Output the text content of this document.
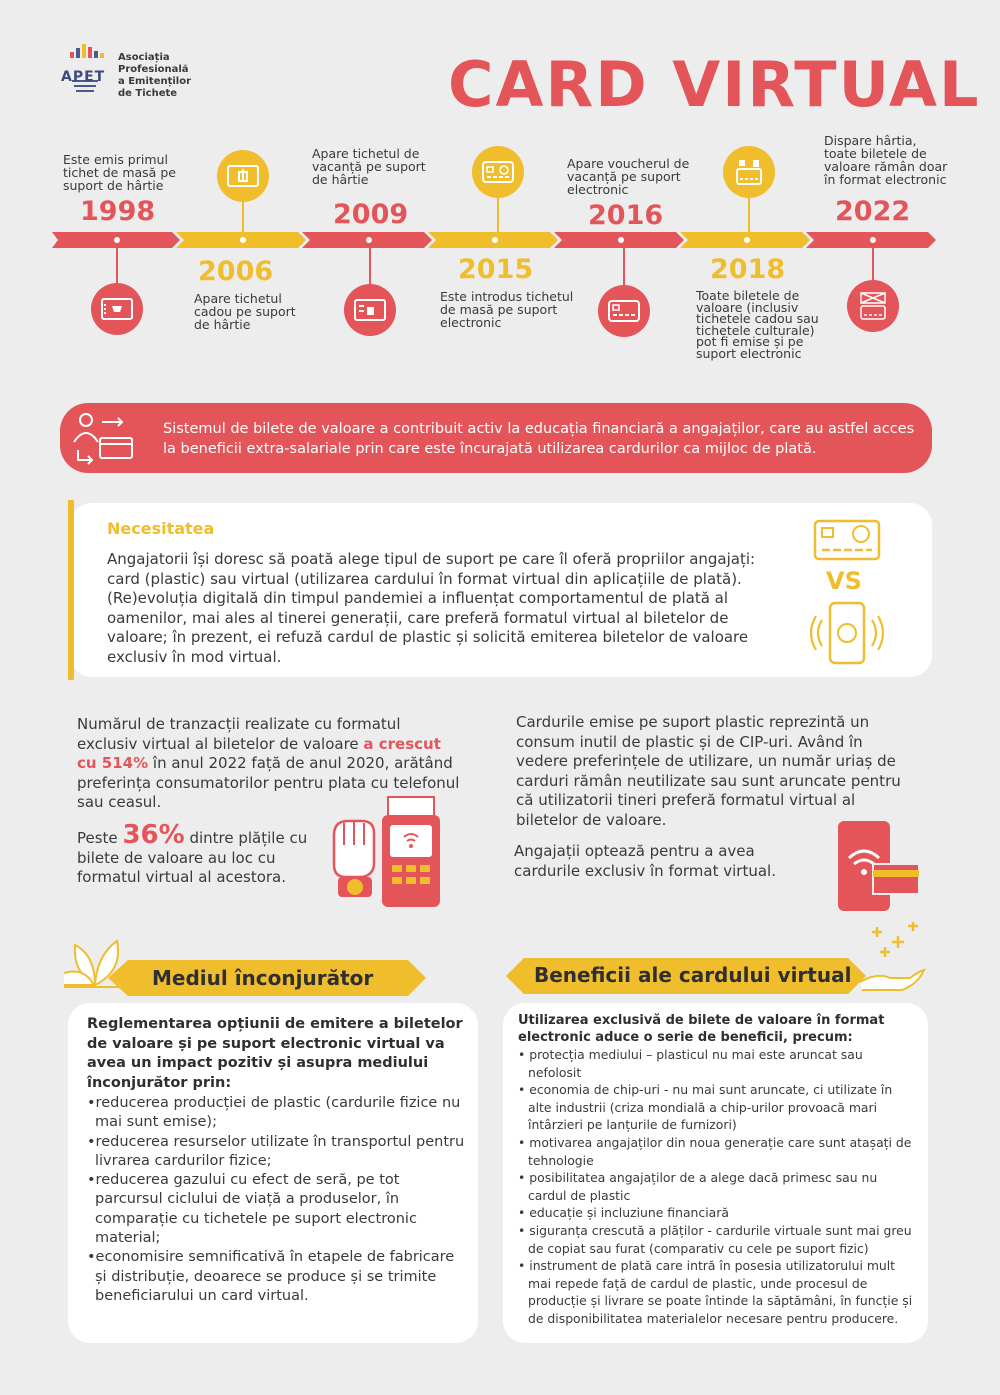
APET
Asociația
Profesională
a Emitenților
de Tichete	CARD VIRTUAL
Este emis primul tichet de masă pe suport de hârtie
1998
2006
Apare tichetul cadou pe suport de hârtie
Apare tichetul de vacanță pe suport de hârtie
2009
2015
Este introdus tichetul de masă pe suport electronic
Apare voucherul de vacanță pe suport electronic
2016
2018
Toate biletele de valoare (inclusiv tichetele cadou sau tichetele culturale) pot fi emise și pe suport electronic
Dispare hârtia, toate biletele de valoare rămân doar în format electronic
2022
Sistemul de bilete de valoare a contribuit activ la educația financiară a angajaților, care au astfel acces la beneficii extra-salariale prin care este încurajată utilizarea cardurilor ca mijloc de plată.
Necesitatea
Angajatorii își doresc să poată alege tipul de suport pe care îl oferă propriilor angajați: card (plastic) sau virtual (utilizarea cardului în format virtual din aplicațiile de plată). (Re)evoluția digitală din timpul pandemiei a influențat comportamentul de plată al oamenilor, mai ales al tinerei generații, care preferă formatul virtual al biletelor de valoare; în prezent, ei refuză cardul de plastic și solicită emiterea biletelor de valoare exclusiv în mod virtual.
VS
Numărul de tranzacții realizate cu formatul exclusiv virtual al biletelor de valoare a crescut cu 514% în anul 2022 față de anul 2020, arătând preferința consumatorilor pentru plata cu telefonul sau ceasul.
Peste 36% dintre plățile cu bilete de valoare au loc cu formatul virtual al acestora.
Cardurile emise pe suport plastic reprezintă un consum inutil de plastic și de CIP-uri. Având în vedere preferințele de utilizare, un număr uriaș de carduri rămân neutilizate sau sunt aruncate pentru că utilizatorii tineri preferă formatul virtual al biletelor de valoare.
Angajații optează pentru a avea cardurile exclusiv în format virtual.
Mediul înconjurător
Reglementarea opțiunii de emitere a biletelor de valoare și pe suport electronic virtual va avea un impact pozitiv și asupra mediului înconjurător prin:
•reducerea producției de plastic (cardurile fizice nu mai sunt emise);
•reducerea resurselor utilizate în transportul pentru livrarea cardurilor fizice;
•reducerea gazului cu efect de seră, pe tot parcursul ciclului de viață a produselor, în comparație cu tichetele pe suport electronic material;
•economisire semnificativă în etapele de fabricare și distribuție, deoarece se produce și se trimite beneficiarului un card virtual.
Beneficii ale cardului virtual
Utilizarea exclusivă de bilete de valoare în format electronic aduce o serie de beneficii, precum:
• protecția mediului – plasticul nu mai este aruncat sau nefolosit
• economia de chip-uri - nu mai sunt aruncate, ci utilizate în alte industrii (criza mondială a chip-urilor provoacă mari întârzieri pe lanțurile de furnizori)
• motivarea angajaților din noua generație care sunt atașați de tehnologie
• posibilitatea angajaților de a alege dacă primesc sau nu cardul de plastic
• educație și incluziune financiară
• siguranța crescută a plăților - cardurile virtuale sunt mai greu de copiat sau furat (comparativ cu cele pe suport fizic)
• instrument de plată care intră în posesia utilizatorului mult mai repede față de cardul de plastic, unde procesul de producție și livrare se poate întinde la săptămâni, în funcție și de disponibilitatea materialelor necesare pentru producere.
